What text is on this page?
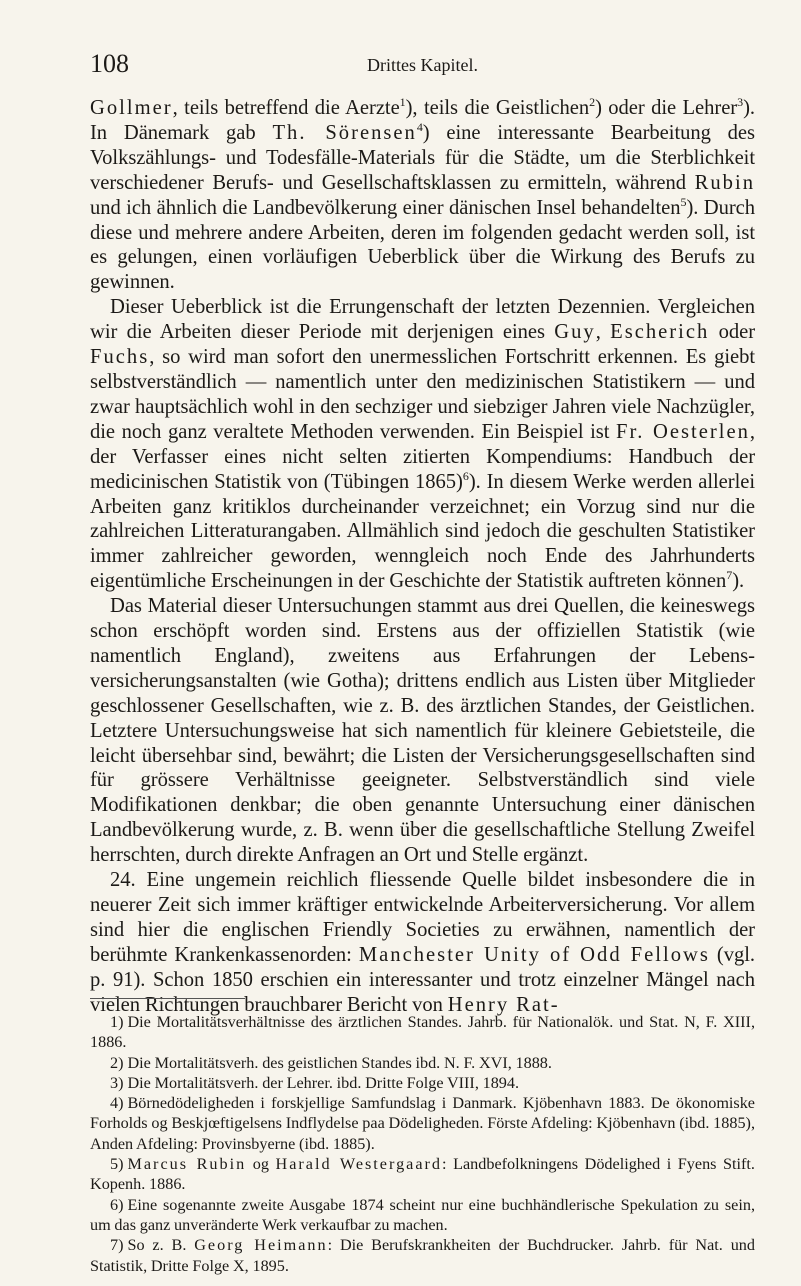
108	Drittes Kapitel.

Gollmer, teils betreffend die Aerzte$^1$), teils die Geistlichen$^2$) oder die Lehrer$^3$). In Dänemark gab Th. Sörensen$^4$) eine interessante Bearbeitung des Volkszählungs- und Todesfälle-Materials für die Städte, um die Sterblichkeit verschiedener Berufs- und Gesellschaftsklassen zu ermitteln, während Rubin und ich ähnlich die Landbevölkerung einer dänischen Insel behandelten$^5$). Durch diese und mehrere andere Arbeiten, deren im folgenden gedacht werden soll, ist es gelungen, einen vorläufigen Ueberblick über die Wirkung des Berufs zu gewinnen.

Dieser Ueberblick ist die Errungenschaft der letzten Dezennien. Vergleichen wir die Arbeiten dieser Periode mit derjenigen eines Guy, Escherich oder Fuchs, so wird man sofort den unermesslichen Fortschritt erkennen. Es giebt selbstverständlich — namentlich unter den medizinischen Statistikern — und zwar hauptsächlich wohl in den sechziger und siebziger Jahren viele Nachzügler, die noch ganz veraltete Methoden verwenden. Ein Beispiel ist Fr. Oesterlen, der Verfasser eines nicht selten zitierten Kompendiums: Handbuch der medicinischen Statistik von (Tübingen 1865)$^6$). In diesem Werke werden allerlei Arbeiten ganz kritiklos durcheinander verzeichnet; ein Vorzug sind nur die zahlreichen Litteraturangaben. Allmählich sind jedoch die geschulten Statistiker immer zahlreicher geworden, wenngleich noch Ende des Jahrhunderts eigentümliche Erscheinungen in der Geschichte der Statistik auftreten können$^7$).

Das Material dieser Untersuchungen stammt aus drei Quellen, die keineswegs schon erschöpft worden sind. Erstens aus der offiziellen Statistik (wie namentlich England), zweitens aus Erfahrungen der Lebensversicherungsanstalten (wie Gotha); drittens endlich aus Listen über Mitglieder geschlossener Gesellschaften, wie z. B. des ärztlichen Standes, der Geistlichen. Letztere Untersuchungsweise hat sich namentlich für kleinere Gebietsteile, die leicht übersehbar sind, bewährt; die Listen der Versicherungsgesellschaften sind für grössere Verhältnisse geeigneter. Selbstverständlich sind viele Modifikationen denkbar; die oben genannte Untersuchung einer dänischen Landbevölkerung wurde, z. B. wenn über die gesellschaftliche Stellung Zweifel herrschten, durch direkte Anfragen an Ort und Stelle ergänzt.

24. Eine ungemein reichlich fliessende Quelle bildet insbesondere die in neuerer Zeit sich immer kräftiger entwickelnde Arbeiterversicherung. Vor allem sind hier die englischen Friendly Societies zu erwähnen, namentlich der berühmte Krankenkassenorden: Manchester Unity of Odd Fellows (vgl. p. 91). Schon 1850 erschien ein interessanter und trotz einzelner Mängel nach vielen Richtungen brauchbarer Bericht von Henry Rat-

1) Die Mortalitätsverhältnisse des ärztlichen Standes. Jahrb. für Nationalök. und Stat. N, F. XIII, 1886.

2) Die Mortalitätsverh. des geistlichen Standes ibd. N. F. XVI, 1888.

3) Die Mortalitätsverh. der Lehrer. ibd. Dritte Folge VIII, 1894.

4) Börnedödeligheden i forskjellige Samfundslag i Danmark. Kjöbenhavn 1883. De ökonomiske Forholds og Beskjœftigelsens Indflydelse paa Dödeligheden. Förste Afdeling: Kjöbenhavn (ibd. 1885), Anden Afdeling: Provinsbyerne (ibd. 1885).

5) Marcus Rubin og Harald Westergaard: Landbefolkningens Dödelighed i Fyens Stift. Kopenh. 1886.

6) Eine sogenannte zweite Ausgabe 1874 scheint nur eine buchhändlerische Spekulation zu sein, um das ganz unveränderte Werk verkaufbar zu machen.

7) So z. B. Georg Heimann: Die Berufskrankheiten der Buchdrucker. Jahrb. für Nat. und Statistik, Dritte Folge X, 1895.
